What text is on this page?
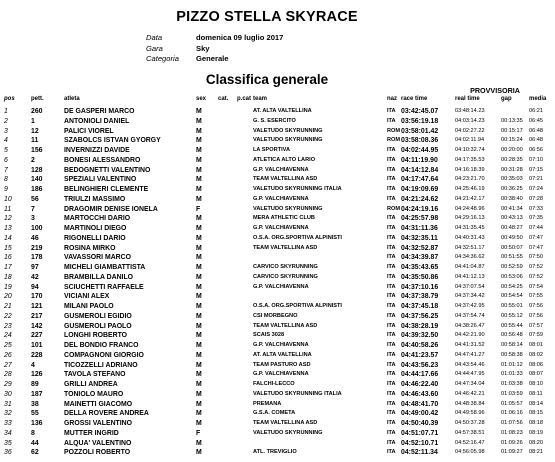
PIZZO STELLA SKYRACE
Data	domenica 09 luglio 2017
Gara	Sky
Categoria	Generale
Classifica generale
PROVVISORIA
pos	pett.	atleta	sex	cat.	p.cat team	naz race time	real time	gap	media
1	260	DE GASPERI MARCO	M	AT. ALTA VALTELLINA	ITA 03:42:45.07	03:48:14.23	06:21
2	1	ANTONIOLI DANIEL	M	G. S. ESERCITO	ITA 03:56:19.18	04:03:14.23	00:13:35	06:45
3	12	PALICI VIOREL	M	VALETUDO SKYRUNNING	ROM 03:58:01.42	04:02:27.22	00:15:17	06:48
4	11	SZABOLCS ISTVAN GYORGY	M	VALETUDO SKYRUNNING	ROM 03:58:08.36	04:02:11.94	00:15:24	06:48
5	156	INVERNIZZI DAVIDE	M	LA SPORTIVA	ITA 04:02:44.95	04:10:32.74	00:20:00	06:56
6	2	BONESI ALESSANDRO	M	ATLETICA ALTO LARIO	ITA 04:11:19.90	04:17:35.53	00:28:35	07:10
7	128	BEDOGNETTI VALENTINO	M	G.P. VALCHIAVENNA	ITA 04:14:12.84	04:16:18.39	00:31:28	07:15
8	140	SPEZIALI VALENTINO	M	TEAM VALTELLINA ASD	ITA 04:17:47.64	04:23:21.70	00:35:03	07:21
9	186	BELINGHIERI CLEMENTE	M	VALETUDO SKYRUNNING ITALIA	ITA 04:19:09.69	04:25:46.19	00:36:25	07:24
10	56	TRIULZI MASSIMO	M	G.P. VALCHIAVENNA	ITA 04:21:24.62	04:21:42.17	00:38:40	07:28
11	7	DRAGOMIR DENISE IONELA	F	VALETUDO SKYRUNNING	ROM 04:24:19.16	04:24:48.96	00:41:34	07:33
12	3	MARTOCCHI DARIO	M	MERA ATHLETIC CLUB	ITA 04:25:57.98	04:29:16.13	00:43:13	07:35
13	100	MARTINOLI DIEGO	M	G.P. VALCHIAVENNA	ITA 04:31:11.36	04:31:35.45	00:48:27	07:44
14	46	RIGONELLI DARIO	M	O.S.A. ORG.SPORTIVA ALPINISTI	ITA 04:32:35.11	04:40:31.43	00:49:50	07:47
15	219	ROSINA MIRKO	M	TEAM VALTELLINA ASD	ITA 04:32:52.87	04:32:51.17	00:50:07	07:47
16	178	VAVASSORI MARCO	M	ITA 04:34:39.87	04:34:36.62	00:51:55	07:50
17	97	MICHELI GIAMBATTISTA	M	CARVICO SKYRUNNING	ITA 04:35:43.65	04:41:04.87	00:52:59	07:52
18	42	BRAMBILLA DANILO	M	CARVICO SKYRUNNING	ITA 04:35:50.86	04:41:12.13	00:53:06	07:52
19	94	SCIUCHETTI RAFFAELE	M	G.P. VALCHIAVENNA	ITA 04:37:10.16	04:37:07.54	00:54:25	07:54
20	170	VICIANI ALEX	M	ITA 04:37:38.79	04:37:34.42	00:54:54	07:55
21	121	MILANI PAOLO	M	O.S.A. ORG.SPORTIVA ALPINISTI	ITA 04:37:45.18	04:37:42.95	00:55:01	07:56
22	217	GUSMEROLI EGIDIO	M	CSI MORBEGNO	ITA 04:37:56.25	04:37:54.74	00:55:12	07:56
23	142	GUSMEROLI PAOLO	M	TEAM VALTELLINA ASD	ITA 04:38:28.19	04:38:26.47	00:55:44	07:57
24	227	LONGHI ROBERTO	M	SCAIS 3028	ITA 04:39:32.50	04:42:21.90	00:56:48	07:59
25	101	DEL BONDIO FRANCO	M	G.P. VALCHIAVENNA	ITA 04:40:58.26	04:41:31.52	00:58:14	08:01
26	228	COMPAGNONI GIORGIO	M	AT. ALTA VALTELLINA	ITA 04:41:23.57	04:47:41.27	00:58:38	08:02
27	4	TICOZZELLI ADRIANO	M	TEAM PASTURO ASD	ITA 04:43:56.23	04:43:54.46	01:01:12	08:06
28	126	TAVOLA STEFANO	M	G.P. VALCHIAVENNA	ITA 04:44:17.66	04:44:47.95	01:01:33	08:07
29	89	GRILLI ANDREA	M	FALCHI-LECCO	ITA 04:46:22.40	04:47:34.04	01:03:38	08:10
30	187	TONIOLO MAURO	M	VALETUDO SKYRUNNING ITALIA	ITA 04:46:43.60	04:46:42.21	01:03:59	08:11
31	38	MAINETTI GIACOMO	M	PREMANA	ITA 04:48:41.70	04:48:38.84	01:05:57	08:14
32	55	DELLA ROVERE ANDREA	M	G.S.A. COMETA	ITA 04:49:00.42	04:49:58.96	01:06:16	08:15
33	136	GROSSI VALENTINO	M	TEAM VALTELLINA ASD	ITA 04:50:40.39	04:50:37.28	01:07:56	08:18
34	8	MUTTER INGRID	F	VALETUDO SKYRUNNING	ITA 04:51:07.71	04:57:38.51	01:08:23	08:19
35	44	ALQUA' VALENTINO	M	ITA 04:52:10.71	04:52:16.47	01:09:26	08:20
36	62	POZZOLI ROBERTO	M	ATL. TREVIGLIO	ITA 04:52:11.34	04:56:05.98	01:09:27	08:21
